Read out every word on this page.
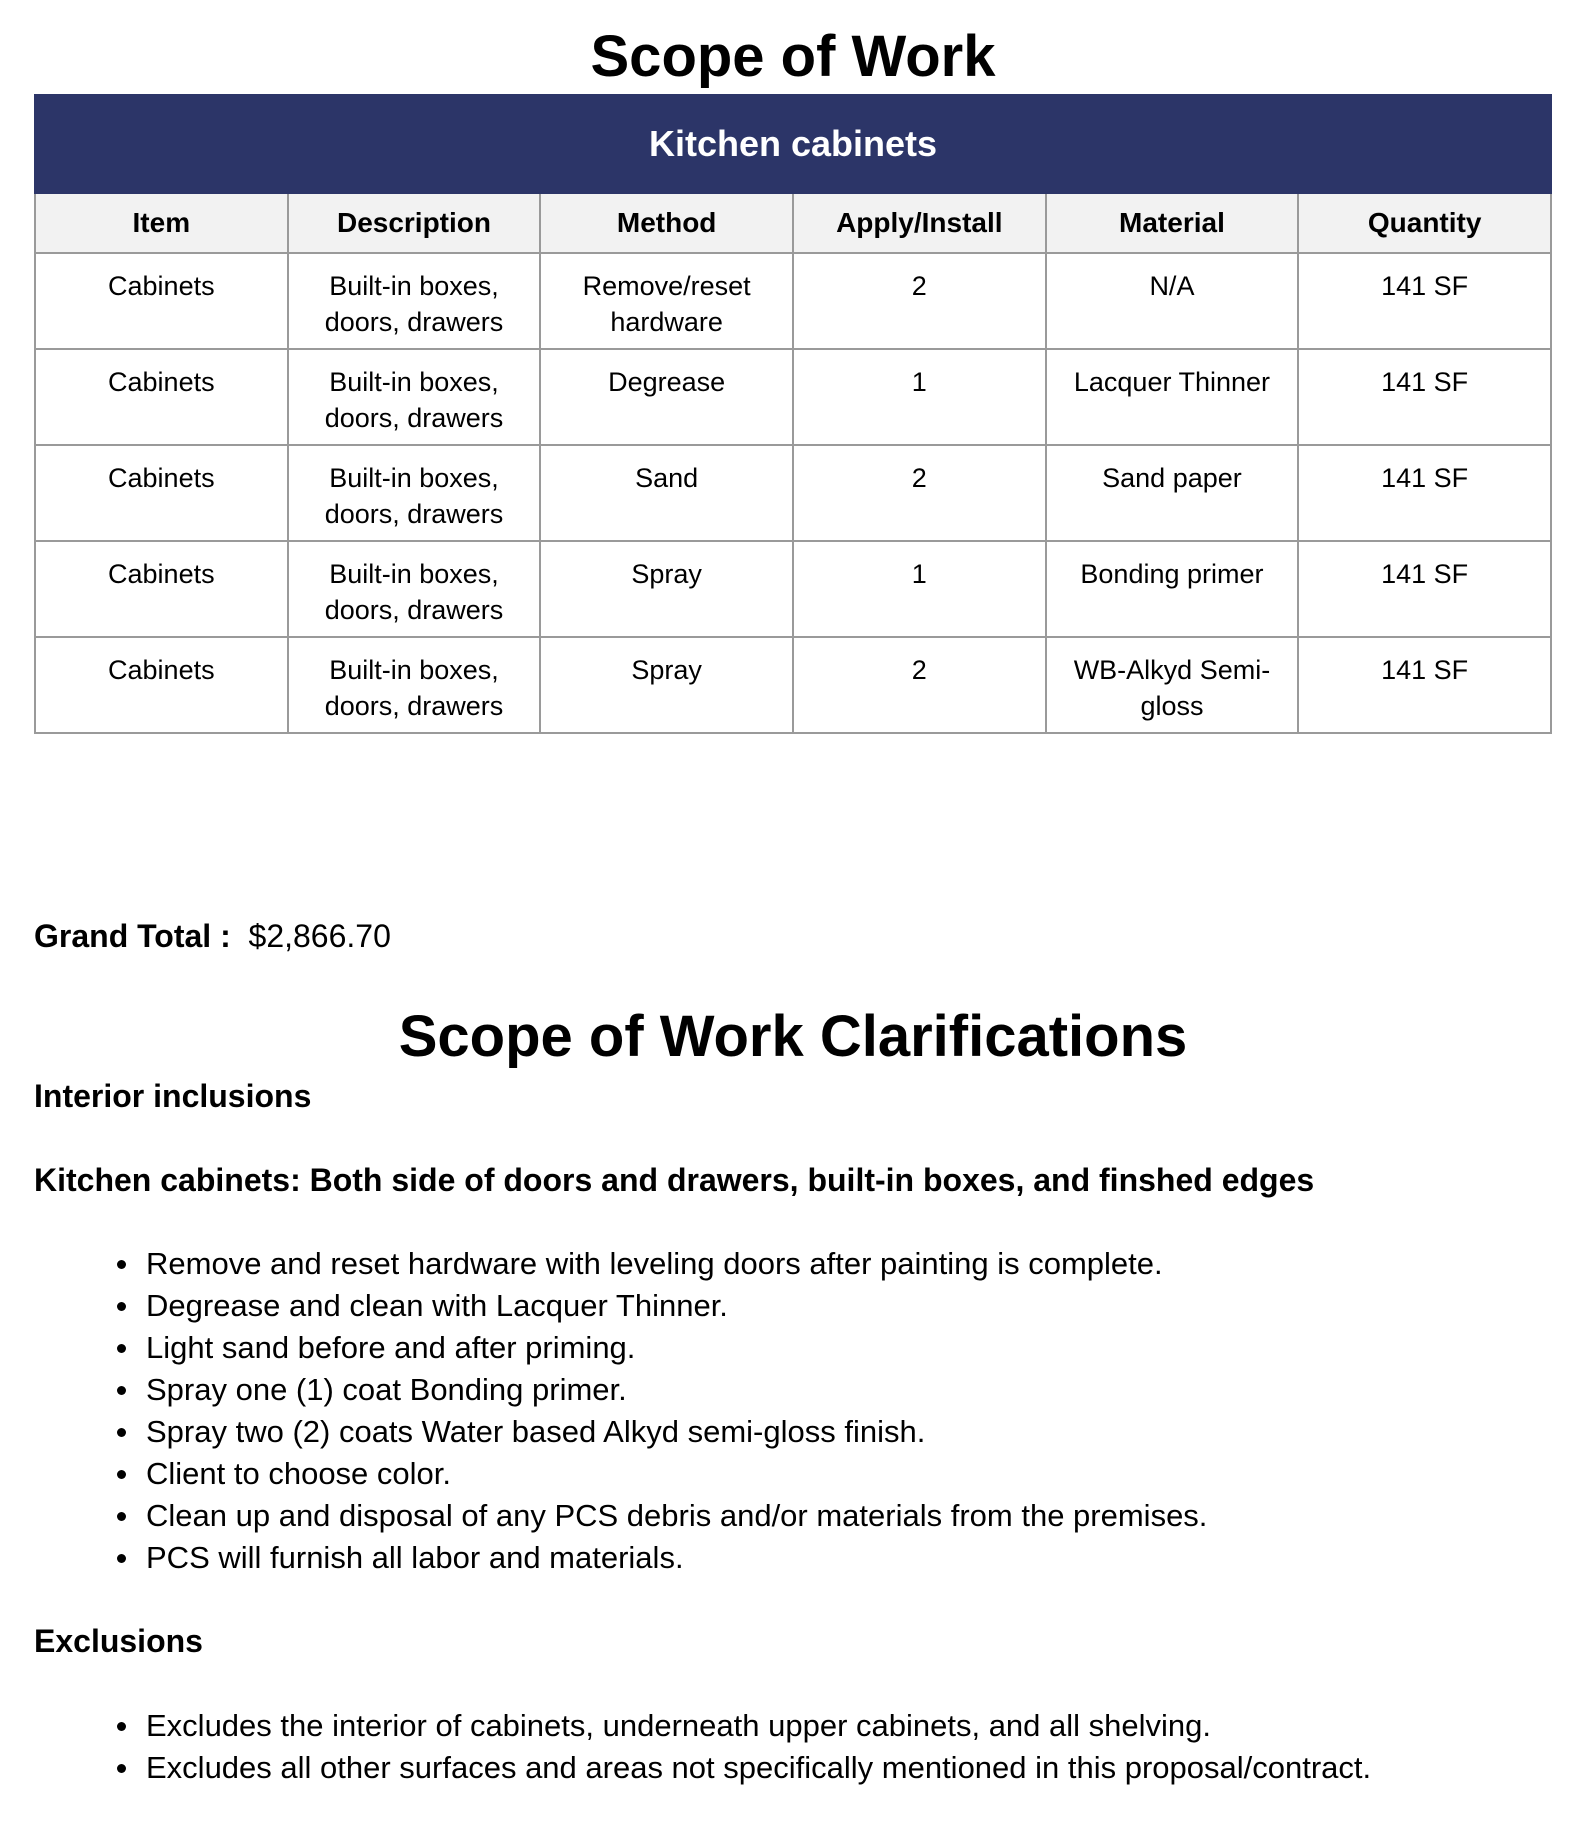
Scope of Work
Kitchen cabinets					
Item	Description	Method	Apply/Install	Material	Quantity
Cabinets	Built-in boxes, doors, drawers	Remove/reset hardware	2	N/A	141 SF
Cabinets	Built-in boxes, doors, drawers	Degrease	1	Lacquer Thinner	141 SF
Cabinets	Built-in boxes, doors, drawers	Sand	2	Sand paper	141 SF
Cabinets	Built-in boxes, doors, drawers	Spray	1	Bonding primer	141 SF
Cabinets	Built-in boxes, doors, drawers	Spray	2	WB-Alkyd Semi-gloss	141 SF

Grand Total : $2,866.70

Scope of Work Clarifications

Interior inclusions

Kitchen cabinets: Both side of doors and drawers, built-in boxes, and finshed edges

Remove and reset hardware with leveling doors after painting is complete.
Degrease and clean with Lacquer Thinner.
Light sand before and after priming.
Spray one (1) coat Bonding primer.
Spray two (2) coats Water based Alkyd semi-gloss finish.
Client to choose color.
Clean up and disposal of any PCS debris and/or materials from the premises.
PCS will furnish all labor and materials.

Exclusions

Excludes the interior of cabinets, underneath upper cabinets, and all shelving.
Excludes all other surfaces and areas not specifically mentioned in this proposal/contract.
